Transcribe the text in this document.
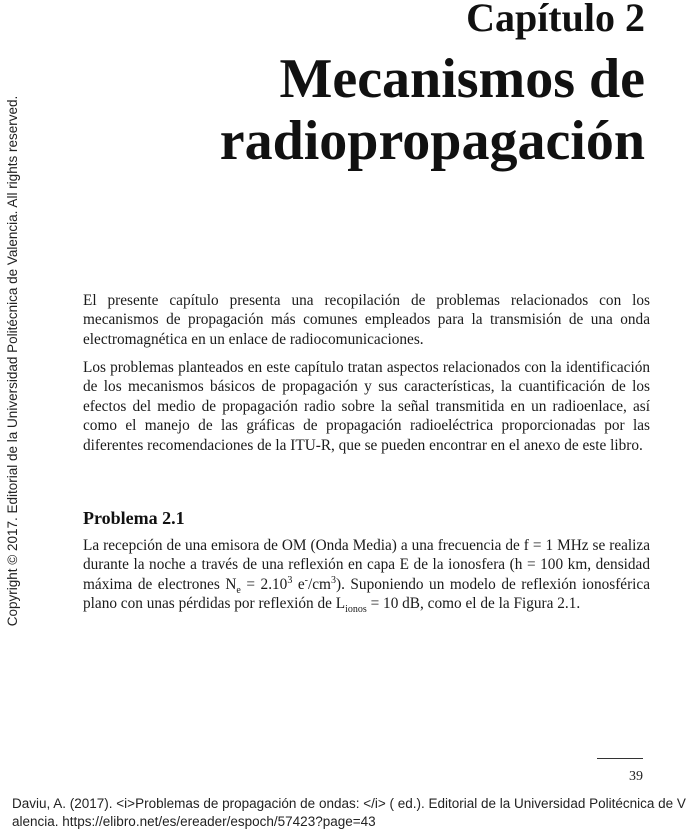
Copyright © 2017. Editorial de la Universidad Politécnica de Valencia. All rights reserved.
Capítulo 2
Mecanismos de
radiopropagación
El presente capítulo presenta una recopilación de problemas relacionados con los mecanismos de propagación más comunes empleados para la transmisión de una onda electromagnética en un enlace de radiocomunicaciones.
Los problemas planteados en este capítulo tratan aspectos relacionados con la identificación de los mecanismos básicos de propagación y sus características, la cuantificación de los efectos del medio de propagación radio sobre la señal transmitida en un radioenlace, así como el manejo de las gráficas de propagación radioeléctrica proporcionadas por las diferentes recomendaciones de la ITU-R, que se pueden encontrar en el anexo de este libro.
Problema 2.1
La recepción de una emisora de OM (Onda Media) a una frecuencia de f = 1 MHz se realiza durante la noche a través de una reflexión en capa E de la ionosfera (h = 100 km, densidad máxima de electrones $N_e = 2.10^3$ $e^-/cm^3$). Suponiendo un modelo de reflexión ionosférica plano con unas pérdidas por reflexión de $L_{ionos} = 10$ dB, como el de la Figura 2.1.
39
Daviu, A. (2017). <i>Problemas de propagación de ondas: </i> ( ed.). Editorial de la Universidad Politécnica de Valencia. https://elibro.net/es/ereader/espoch/57423?page=43
